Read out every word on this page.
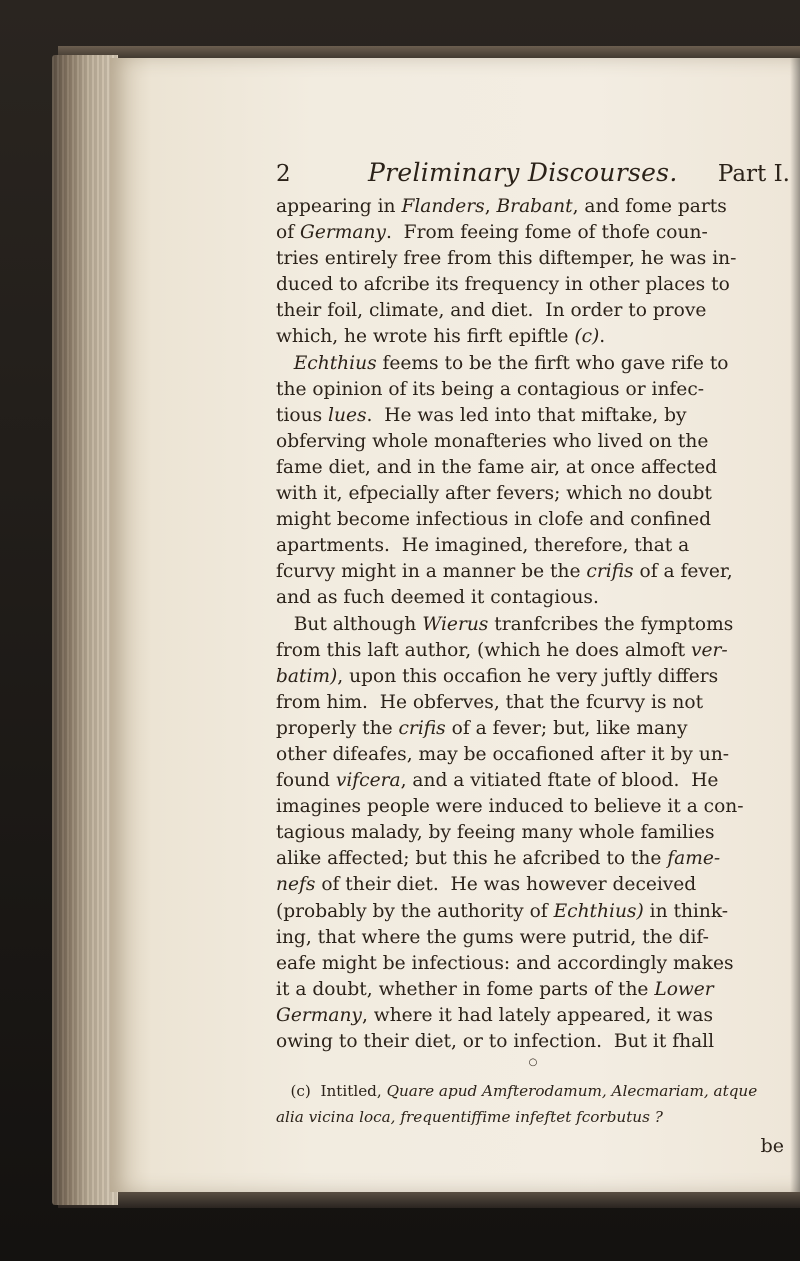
2	Preliminary Discourses. Part I.
appearing in Flanders, Brabant, and fome parts
of Germany.  From feeing fome of thofe coun-
tries entirely free from this diftemper, he was in-
duced to afcribe its frequency in other places to
their foil, climate, and diet.  In order to prove
which, he wrote his firft epiftle (c).
Echthius feems to be the firft who gave rife to
the opinion of its being a contagious or infec-
tious lues.  He was led into that miftake, by
obferving whole monafteries who lived on the
fame diet, and in the fame air, at once affected
with it, efpecially after fevers; which no doubt
might become infectious in clofe and confined
apartments.  He imagined, therefore, that a
fcurvy might in a manner be the crifis of a fever,
and as fuch deemed it contagious.
But although Wierus tranfcribes the fymptoms
from this laft author, (which he does almoft ver-
batim), upon this occafion he very juftly differs
from him.  He obferves, that the fcurvy is not
properly the crifis of a fever; but, like many
other difeafes, may be occafioned after it by un-
found vifcera, and a vitiated ftate of blood.  He
imagines people were induced to believe it a con-
tagious malady, by feeing many whole families
alike affected; but this he afcribed to the fame-
nefs of their diet.  He was however deceived
(probably by the authority of Echthius) in think-
ing, that where the gums were putrid, the dif-
eafe might be infectious: and accordingly makes
it a doubt, whether in fome parts of the Lower
Germany, where it had lately appeared, it was
owing to their diet, or to infection.  But it fhall
○
(c)  Intitled, Quare apud Amfterodamum, Alecmariam, atque
alia vicina loca, frequentiffime infeftet fcorbutus ?
be
